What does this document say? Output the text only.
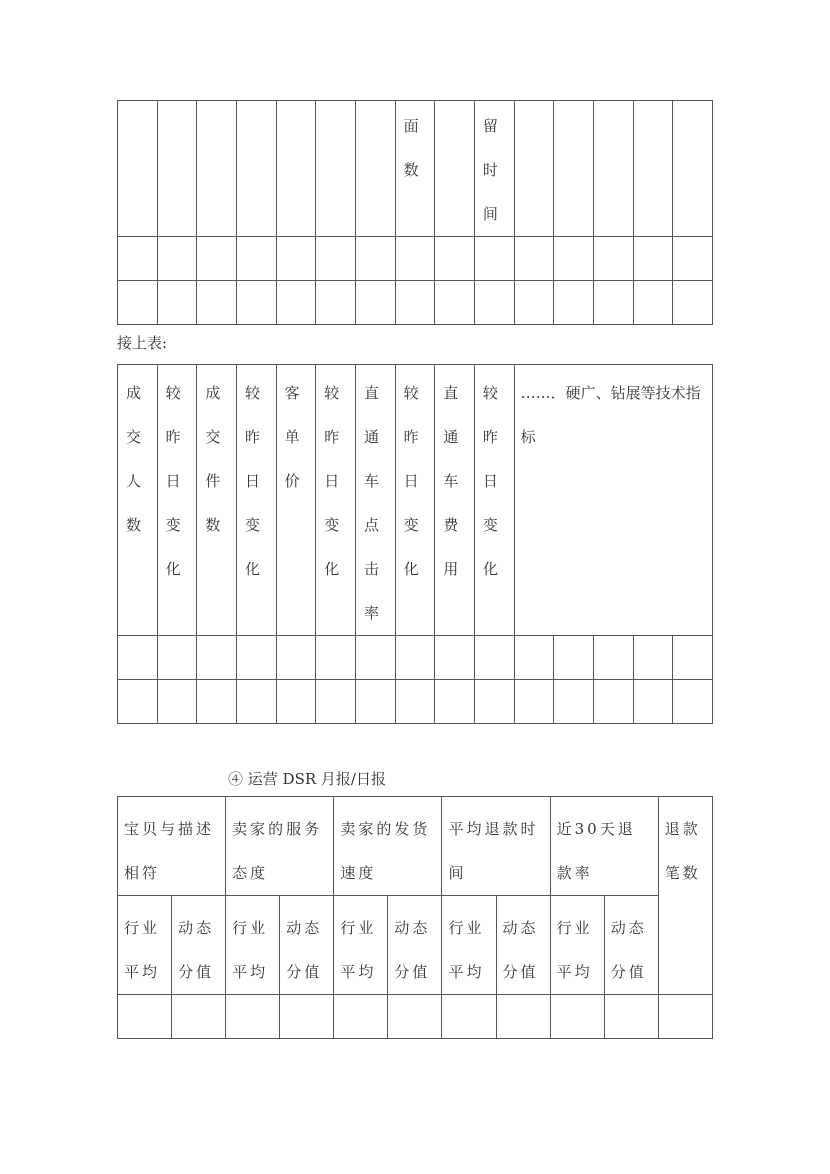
							面数		留时间					

接上表:
成交人数	较昨日变化	成交件数	较昨日变化	客单价	较昨日变化	直通车点击率	较昨日变化	直通车费用	较昨日变化	……．硬广、钻展等技术指标				

④ 运营 DSR 月报/日报
宝贝与描述相符		卖家的服务态度		卖家的发货速度		平均退款时间		近30天退款率		退款笔数
行业平均	动态分值	行业平均	动态分值	行业平均	动态分值	行业平均	动态分值	行业平均	动态分值	
